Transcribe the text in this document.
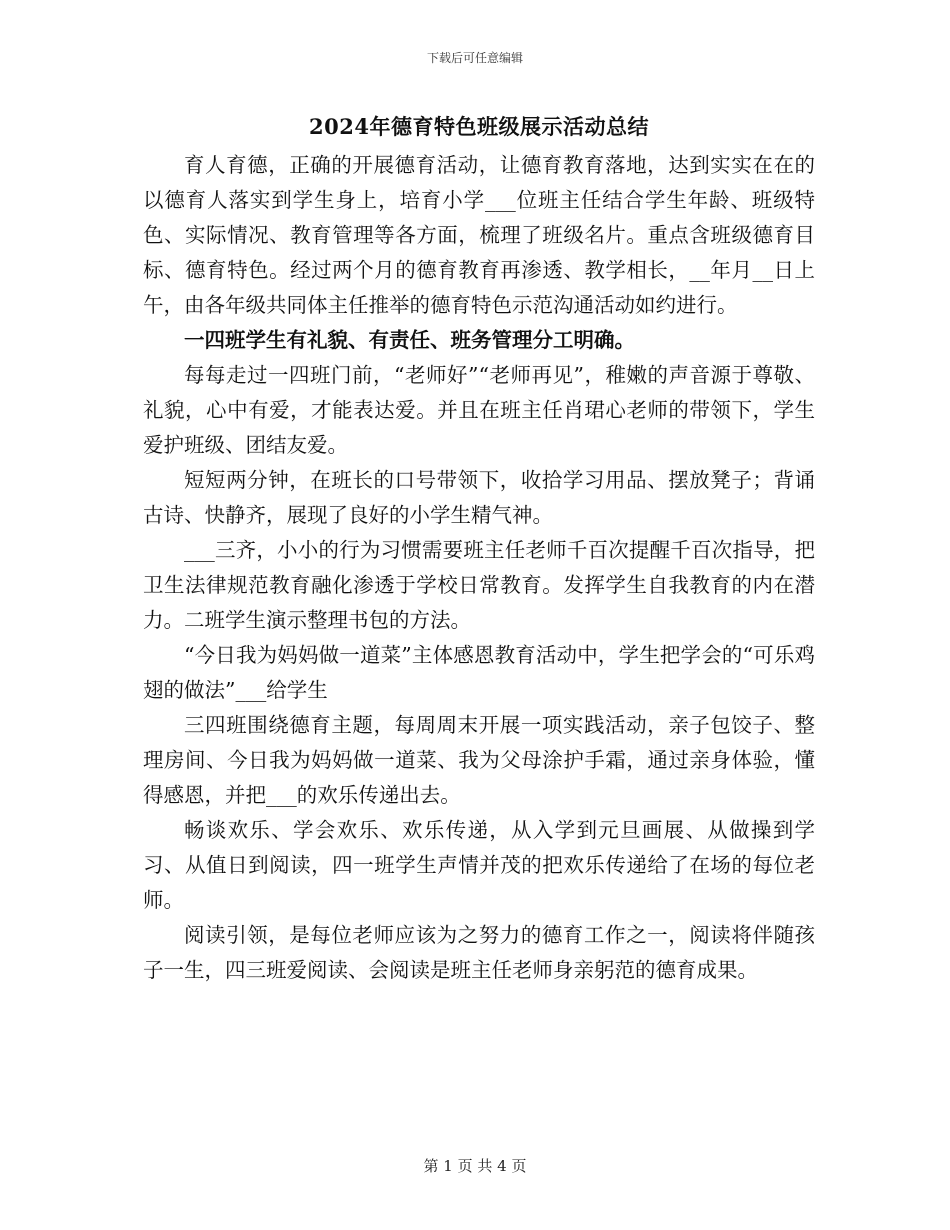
下载后可任意编辑
2024年德育特色班级展示活动总结

育人育德，正确的开展德育活动，让德育教育落地，达到实实在在的以德育人落实到学生身上，培育小学___位班主任结合学生年龄、班级特色、实际情况、教育管理等各方面，梳理了班级名片。重点含班级德育目标、德育特色。经过两个月的德育教育再渗透、教学相长，__年月__日上午，由各年级共同体主任推举的德育特色示范沟通活动如约进行。

一四班学生有礼貌、有责任、班务管理分工明确。

每每走过一四班门前，“老师好”“老师再见”，稚嫩的声音源于尊敬、礼貌，心中有爱，才能表达爱。并且在班主任肖珺心老师的带领下，学生爱护班级、团结友爱。

短短两分钟，在班长的口号带领下，收拾学习用品、摆放凳子；背诵古诗、快静齐，展现了良好的小学生精气神。

___三齐，小小的行为习惯需要班主任老师千百次提醒千百次指导，把卫生法律规范教育融化渗透于学校日常教育。发挥学生自我教育的内在潜力。二班学生演示整理书包的方法。

“今日我为妈妈做一道菜”主体感恩教育活动中，学生把学会的“可乐鸡翅的做法”___给学生

三四班围绕德育主题，每周周末开展一项实践活动，亲子包饺子、整理房间、今日我为妈妈做一道菜、我为父母涂护手霜，通过亲身体验，懂得感恩，并把___的欢乐传递出去。

畅谈欢乐、学会欢乐、欢乐传递，从入学到元旦画展、从做操到学习、从值日到阅读，四一班学生声情并茂的把欢乐传递给了在场的每位老师。

阅读引领，是每位老师应该为之努力的德育工作之一，阅读将伴随孩子一生，四三班爱阅读、会阅读是班主任老师身亲躬范的德育成果。

第 1 页 共 4 页
